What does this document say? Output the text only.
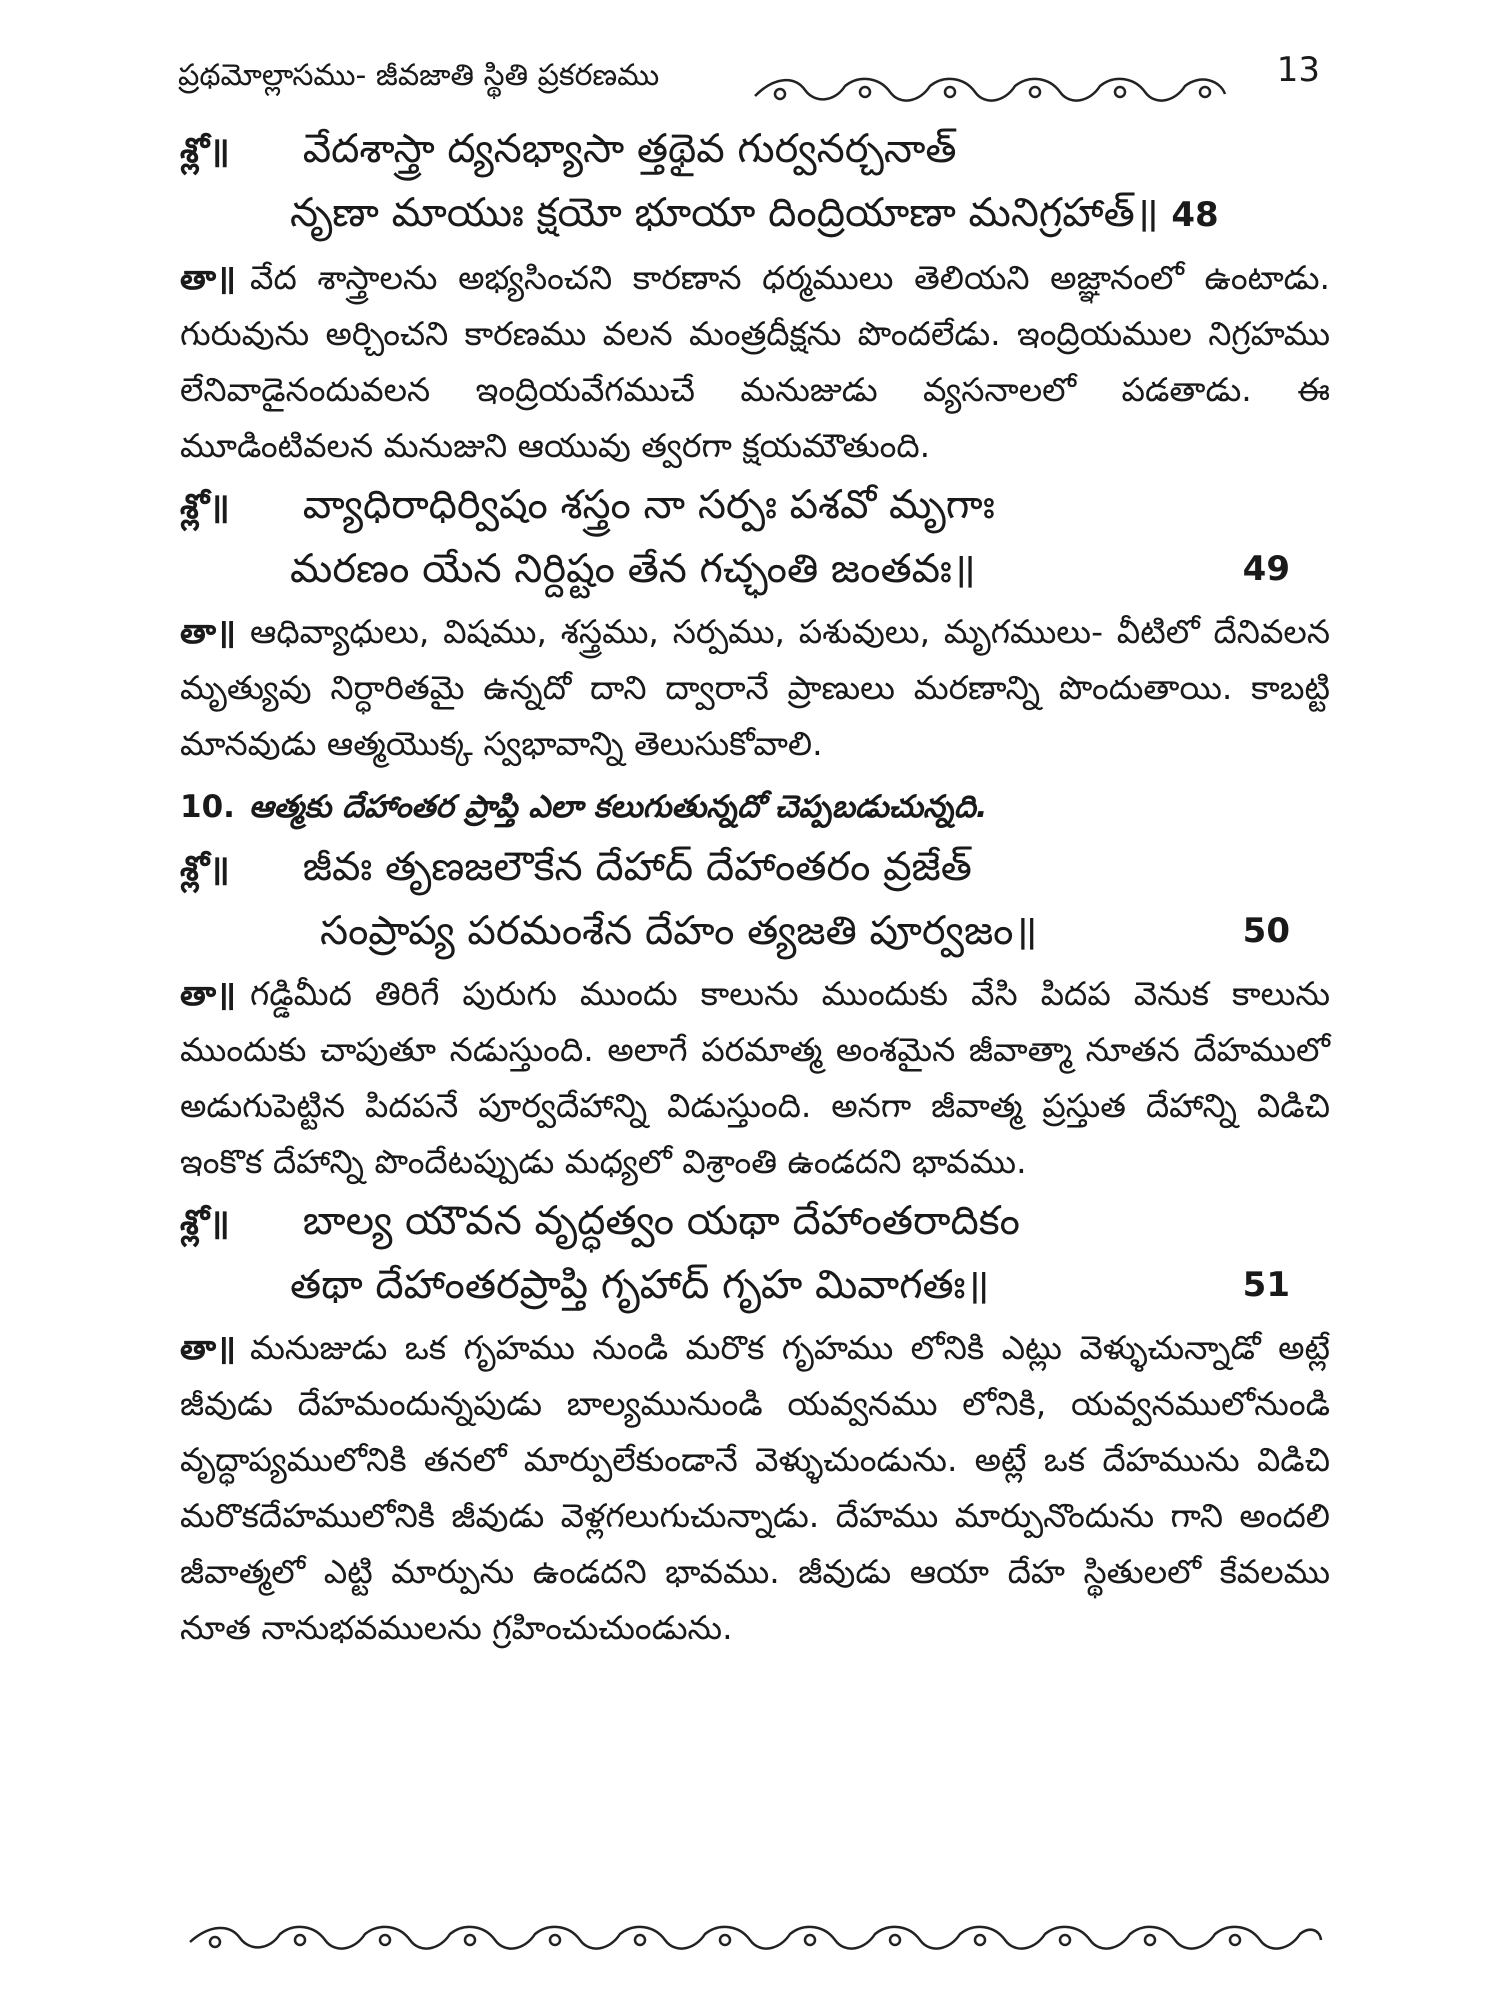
ప్రథమోల్లాసము- జీవజాతి స్థితి ప్రకరణము	13
శ్లో॥ వేదశాస్త్రా ద్యనభ్యాసా త్తథైవ గుర్వనర్చనాత్
నృణా మాయుః క్షయో భూయా దింద్రియాణా మనిగ్రహాత్॥ 48

తా॥ వేద శాస్త్రాలను అభ్యసించని కారణాన ధర్మములు తెలియని అజ్ఞానంలో ఉంటాడు. గురువును అర్చించని కారణము వలన మంత్రదీక్షను పొందలేడు. ఇంద్రియముల నిగ్రహము లేనివాడైనందువలన ఇంద్రియవేగముచే మనుజుడు వ్యసనాలలో పడతాడు. ఈ మూడింటివలన మనుజుని ఆయువు త్వరగా క్షయమౌతుంది.

శ్లో॥ వ్యాధిరాధిర్విషం శస్త్రం నా సర్పః పశవో మృగాః
మరణం యేన నిర్దిష్టం తేన గచ్ఛంతి జంతవః॥	49

తా॥ ఆధివ్యాధులు, విషము, శస్త్రము, సర్పము, పశువులు, మృగములు- వీటిలో దేనివలన మృత్యువు నిర్ధారితమై ఉన్నదో దాని ద్వారానే ప్రాణులు మరణాన్ని పొందుతాయి. కాబట్టి మానవుడు ఆత్మయొక్క స్వభావాన్ని తెలుసుకోవాలి.

10. ఆత్మకు దేహాంతర ప్రాప్తి ఎలా కలుగుతున్నదో చెప్పబడుచున్నది.
శ్లో॥ జీవః తృణజలౌకేన దేహాద్ దేహాంతరం వ్రజేత్
సంప్రాప్య పరమంశేన దేహం త్యజతి పూర్వజం॥	50

తా॥ గడ్డిమీద తిరిగే పురుగు ముందు కాలును ముందుకు వేసి పిదప వెనుక కాలును ముందుకు చాపుతూ నడుస్తుంది. అలాగే పరమాత్మ అంశమైన జీవాత్మా నూతన దేహములో అడుగుపెట్టిన పిదపనే పూర్వదేహాన్ని విడుస్తుంది. అనగా జీవాత్మ ప్రస్తుత దేహాన్ని విడిచి ఇంకొక దేహాన్ని పొందేటప్పుడు మధ్యలో విశ్రాంతి ఉండదని భావము.

శ్లో॥ బాల్య యౌవన వృద్ధత్వం యథా దేహాంతరాదికం
తథా దేహాంతరప్రాప్తి గృహాద్ గృహ మివాగతః॥	51

తా॥ మనుజుడు ఒక గృహము నుండి మరొక గృహము లోనికి ఎట్లు వెళ్ళుచున్నాడో అట్లే జీవుడు దేహమందున్నపుడు బాల్యమునుండి యవ్వనము లోనికి, యవ్వనములోనుండి వృద్ధాప్యములోనికి తనలో మార్పులేకుండానే వెళ్ళుచుండును. అట్లే ఒక దేహమును విడిచి మరొకదేహములోనికి జీవుడు వెళ్లగలుగుచున్నాడు. దేహము మార్పునొందును గాని అందలి జీవాత్మలో ఎట్టి మార్పును ఉండదని భావము. జీవుడు ఆయా దేహ స్థితులలో కేవలము నూత నానుభవములను గ్రహించుచుండును.
